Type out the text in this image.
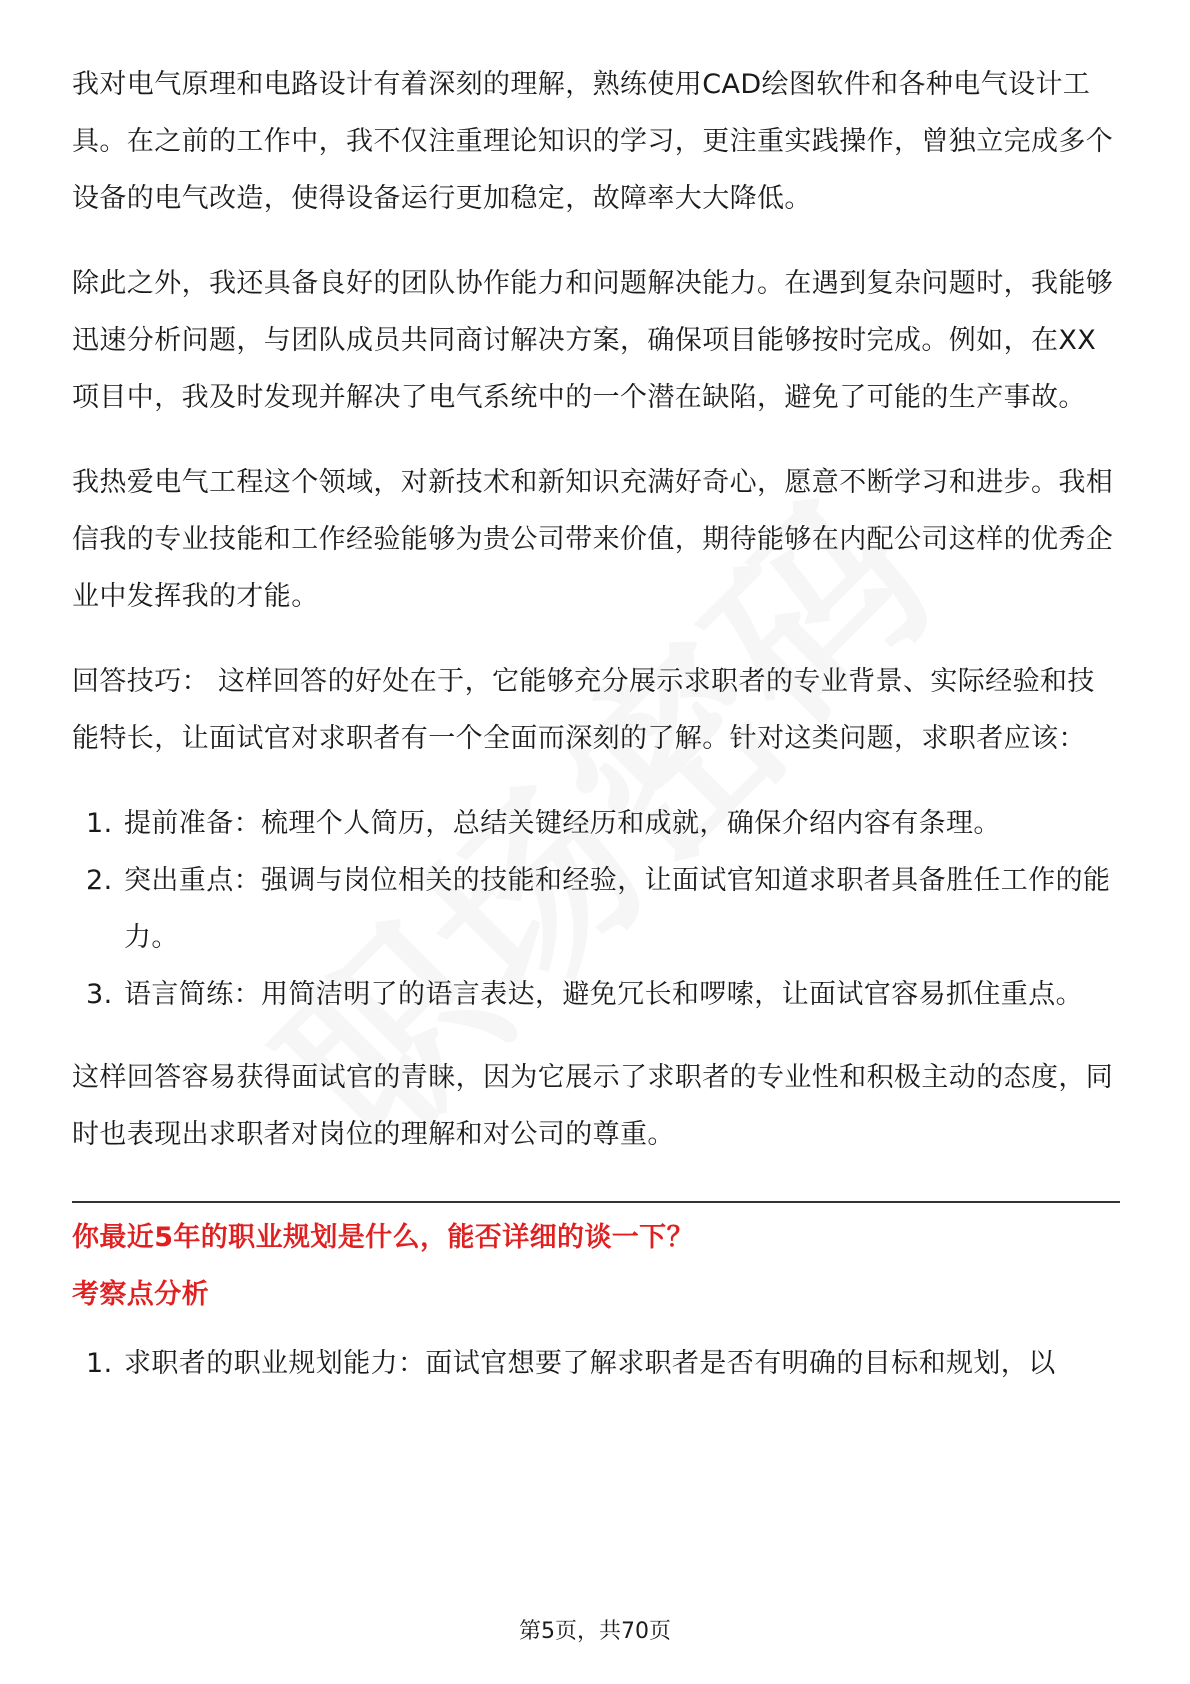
我对电气原理和电路设计有着深刻的理解，熟练使用CAD绘图软件和各种电气设计工具。在之前的工作中，我不仅注重理论知识的学习，更注重实践操作，曾独立完成多个设备的电气改造，使得设备运行更加稳定，故障率大大降低。

除此之外，我还具备良好的团队协作能力和问题解决能力。在遇到复杂问题时，我能够迅速分析问题，与团队成员共同商讨解决方案，确保项目能够按时完成。例如，在XX项目中，我及时发现并解决了电气系统中的一个潜在缺陷，避免了可能的生产事故。

我热爱电气工程这个领域，对新技术和新知识充满好奇心，愿意不断学习和进步。我相信我的专业技能和工作经验能够为贵公司带来价值，期待能够在内配公司这样的优秀企业中发挥我的才能。

回答技巧： 这样回答的好处在于，它能够充分展示求职者的专业背景、实际经验和技能特长，让面试官对求职者有一个全面而深刻的了解。针对这类问题，求职者应该：

1. 提前准备：梳理个人简历，总结关键经历和成就，确保介绍内容有条理。
2. 突出重点：强调与岗位相关的技能和经验，让面试官知道求职者具备胜任工作的能力。
3. 语言简练：用简洁明了的语言表达，避免冗长和啰嗦，让面试官容易抓住重点。

这样回答容易获得面试官的青睐，因为它展示了求职者的专业性和积极主动的态度，同时也表现出求职者对岗位的理解和对公司的尊重。

你最近5年的职业规划是什么，能否详细的谈一下？

考察点分析

1. 求职者的职业规划能力：面试官想要了解求职者是否有明确的目标和规划，以
第5页，共70页
